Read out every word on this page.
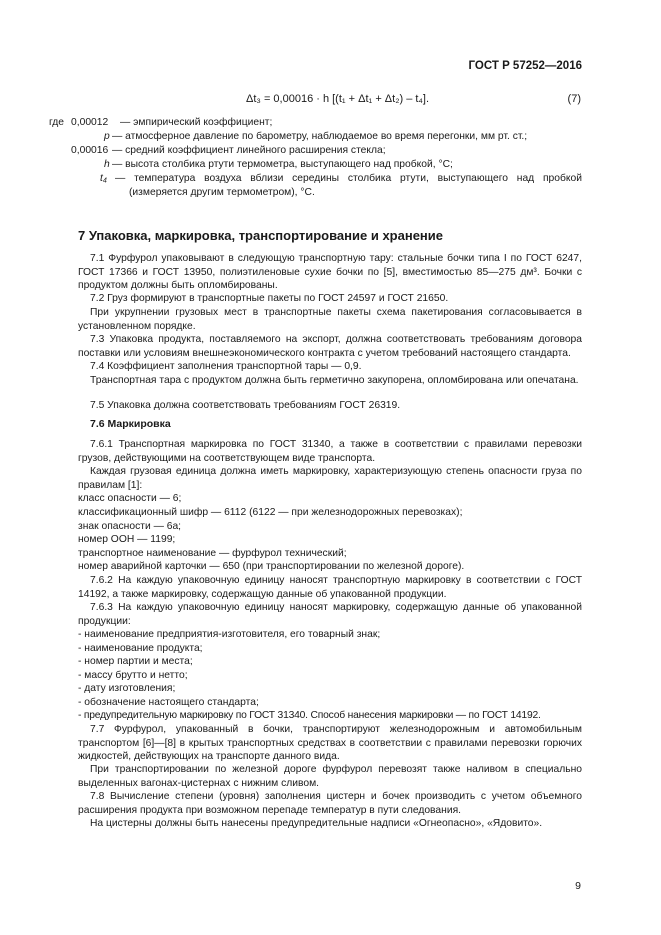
ГОСТ Р 57252—2016
Δt₃ = 0,00016 · h [(t₁ + Δt₁ + Δt₂) – t₄].	(7)
где 0,00012 — эмпирический коэффициент;
p — атмосферное давление по барометру, наблюдаемое во время перегонки, мм рт. ст.;
0,00016 — средний коэффициент линейного расширения стекла;
h — высота столбика ртути термометра, выступающего над пробкой, °С;
t₄ — температура воздуха вблизи середины столбика ртути, выступающего над пробкой
(измеряется другим термометром), °С.
7 Упаковка, маркировка, транспортирование и хранение

7.1 Фурфурол упаковывают в следующую транспортную тару: стальные бочки типа I по ГОСТ 6247, ГОСТ 17366 и ГОСТ 13950, полиэтиленовые сухие бочки по [5], вместимостью 85—275 дм³. Бочки с продуктом должны быть опломбированы.

7.2 Груз формируют в транспортные пакеты по ГОСТ 24597 и ГОСТ 21650.

При укрупнении грузовых мест в транспортные пакеты схема пакетирования согласовывается в установленном порядке.

7.3 Упаковка продукта, поставляемого на экспорт, должна соответствовать требованиям договора поставки или условиям внешнеэкономического контракта с учетом требований настоящего стандарта.

7.4 Коэффициент заполнения транспортной тары — 0,9.

Транспортная тара с продуктом должна быть герметично закупорена, опломбирована или опечатана.

7.5 Упаковка должна соответствовать требованиям ГОСТ 26319.

7.6 Маркировка

7.6.1 Транспортная маркировка по ГОСТ 31340, а также в соответствии с правилами перевозки грузов, действующими на соответствующем виде транспорта.

Каждая грузовая единица должна иметь маркировку, характеризующую степень опасности груза по правилам [1]:

класс опасности — 6;

классификационный шифр — 6112 (6122 — при железнодорожных перевозках);

знак опасности — 6а;

номер ООН — 1199;

транспортное наименование — фурфурол технический;

номер аварийной карточки — 650 (при транспортировании по железной дороге).

7.6.2 На каждую упаковочную единицу наносят транспортную маркировку в соответствии с ГОСТ 14192, а также маркировку, содержащую данные об упакованной продукции.

7.6.3 На каждую упаковочную единицу наносят маркировку, содержащую данные об упакованной продукции:

- наименование предприятия-изготовителя, его товарный знак;

- наименование продукта;

- номер партии и места;

- массу брутто и нетто;

- дату изготовления;

- обозначение настоящего стандарта;

- предупредительную маркировку по ГОСТ 31340. Способ нанесения маркировки — по ГОСТ 14192.

7.7 Фурфурол, упакованный в бочки, транспортируют железнодорожным и автомобильным транспортом [6]—[8] в крытых транспортных средствах в соответствии с правилами перевозки горючих жидкостей, действующих на транспорте данного вида.

При транспортировании по железной дороге фурфурол перевозят также наливом в специально выделенных вагонах-цистернах с нижним сливом.

7.8 Вычисление степени (уровня) заполнения цистерн и бочек производить с учетом объемного расширения продукта при возможном перепаде температур в пути следования.

На цистерны должны быть нанесены предупредительные надписи «Огнеопасно», «Ядовито».

9
